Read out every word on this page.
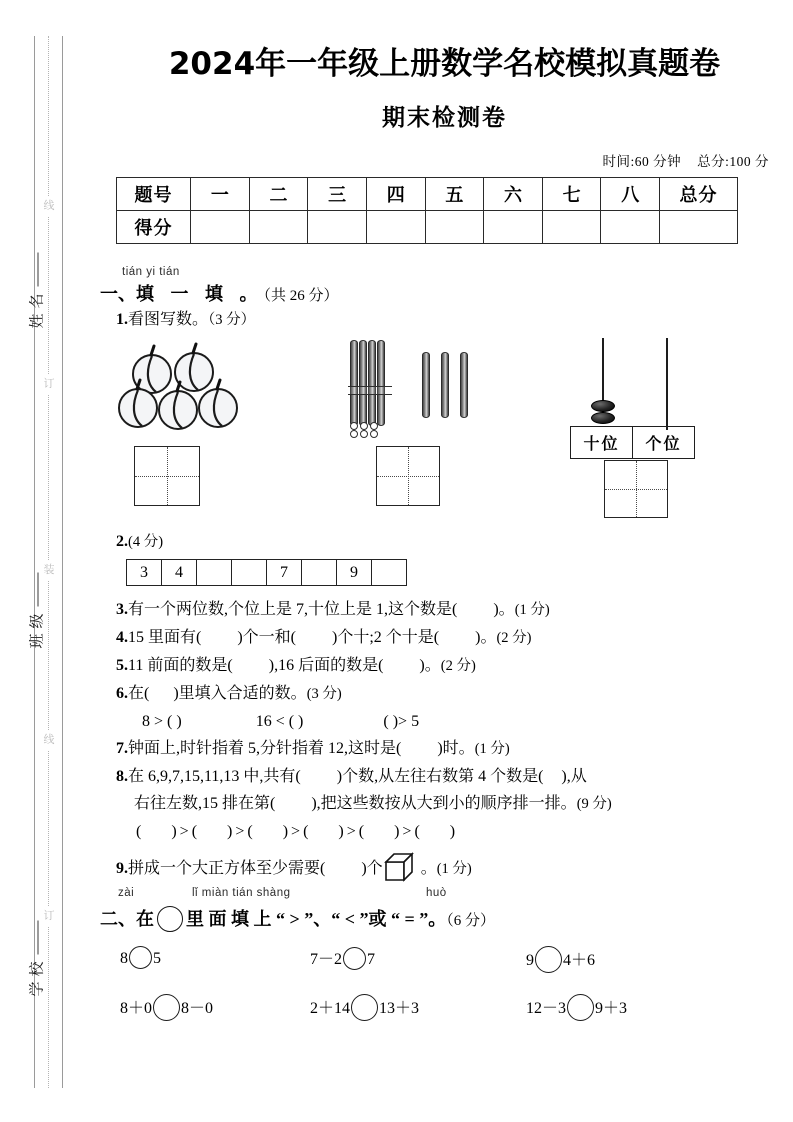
线
订
装
线
订
姓名
班级
学校
2024年一年级上册数学名校模拟真题卷
期末检测卷
时间:60 分钟 总分:100 分
题号	一	二	三	四	五	六	七	八	总分
得分									
tián yi tián
一、填 一 填 。（共 26 分）
1.看图写数。（3 分）
十位	个位
2.(4 分)
3	4			7		9	
3.有一个两位数,个位上是 7,十位上是 1,这个数是( )。(1 分)
4.15 里面有( )个一和( )个十;2 个十是( )。(2 分)
5.11 前面的数是( ),16 后面的数是( )。(2 分)
6.在( )里填入合适的数。(3 分)
8 > ( )	16 < ( )	( )> 5
7.钟面上,时针指着 5,分针指着 12,这时是( )时。(1 分)
8.在 6,9,7,15,11,13 中,共有( )个数,从左往右数第 4 个数是( ),从
右往左数,15 排在第( ),把这些数按从大到小的顺序排一排。(9 分)
( ) > ( ) > ( ) > ( ) > ( ) > ( )
9.拼成一个大正方体至少需要( )个 。(1 分)
zài	lǐ miàn tián shàng	huò
二、在 里 面 填 上 “ > ”、“ < ”或 “ = ”。（6 分）
8 5	7－2 7	9 4＋6
8＋0 8－0	2＋14 13＋3	12－3 9＋3
